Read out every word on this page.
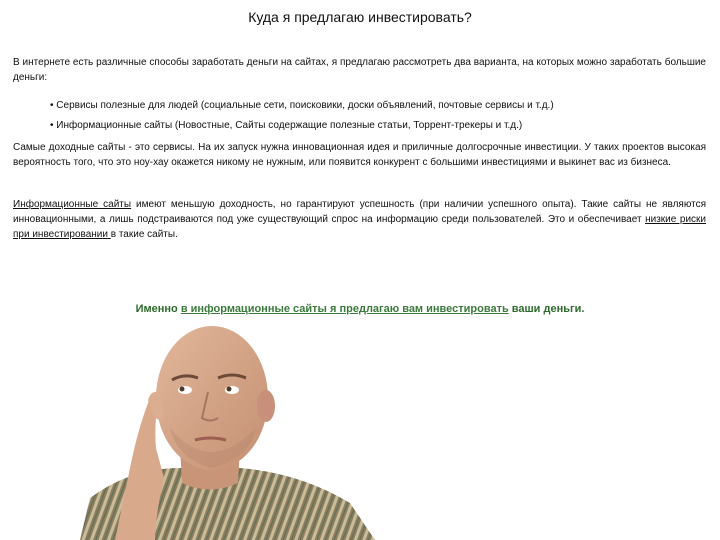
Куда я предлагаю инвестировать?
В интернете есть различные способы заработать деньги на сайтах, я предлагаю рассмотреть два варианта, на которых можно заработать большие деньги:
• Сервисы полезные для людей (социальные сети, поисковики, доски объявлений, почтовые сервисы и т.д.)
• Информационные сайты (Новостные, Сайты содержащие полезные статьи, Торрент-трекеры и т.д.)
Самые доходные сайты - это сервисы. На их запуск нужна инновационная идея и приличные долгосрочные инвестиции. У таких проектов высокая вероятность того, что это ноу-хау окажется никому не нужным, или появится конкурент с большими инвестициями и выкинет вас из бизнеса.
Информационные сайты имеют меньшую доходность, но гарантируют успешность (при наличии успешного опыта). Такие сайты не являются инновационными, а лишь подстраиваются под уже существующий спрос на информацию среди пользователей. Это и обеспечивает низкие риски при инвестировании в такие сайты.
Именно в информационные сайты я предлагаю вам инвестировать ваши деньги.
